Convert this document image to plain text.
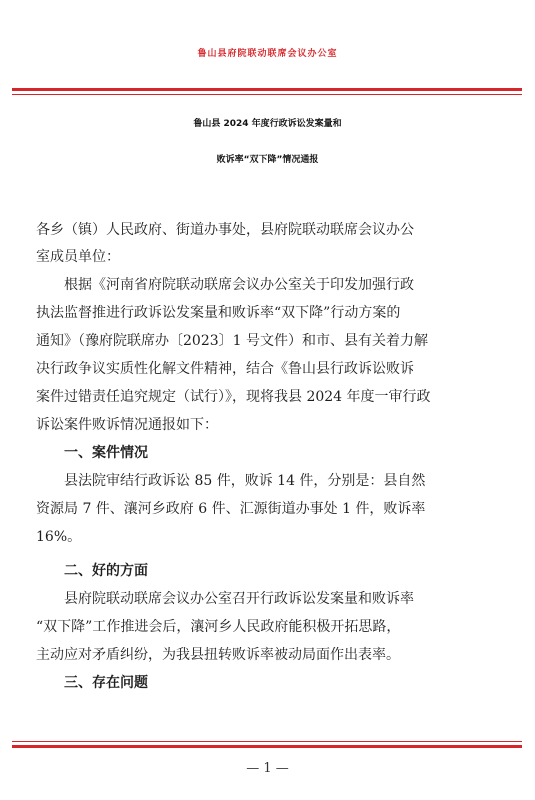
鲁山县府院联动联席会议办公室
鲁山县 2024 年度行政诉讼发案量和
败诉率“双下降”情况通报
各乡（镇）人民政府、街道办事处，县府院联动联席会议办公
室成员单位：
根据《河南省府院联动联席会议办公室关于印发加强行政
执法监督推进行政诉讼发案量和败诉率“双下降”行动方案的
通知》（豫府院联席办〔2023〕1 号文件）和市、县有关着力解
决行政争议实质性化解文件精神，结合《鲁山县行政诉讼败诉
案件过错责任追究规定（试行）》，现将我县 2024 年度一审行政
诉讼案件败诉情况通报如下：
一、案件情况
县法院审结行政诉讼 85 件，败诉 14 件，分别是：县自然
资源局 7 件、瀼河乡政府 6 件、汇源街道办事处 1 件，败诉率
16%。
二、好的方面
县府院联动联席会议办公室召开行政诉讼发案量和败诉率
“双下降”工作推进会后，瀼河乡人民政府能积极开拓思路，
主动应对矛盾纠纷，为我县扭转败诉率被动局面作出表率。
三、存在问题
— 1 —
